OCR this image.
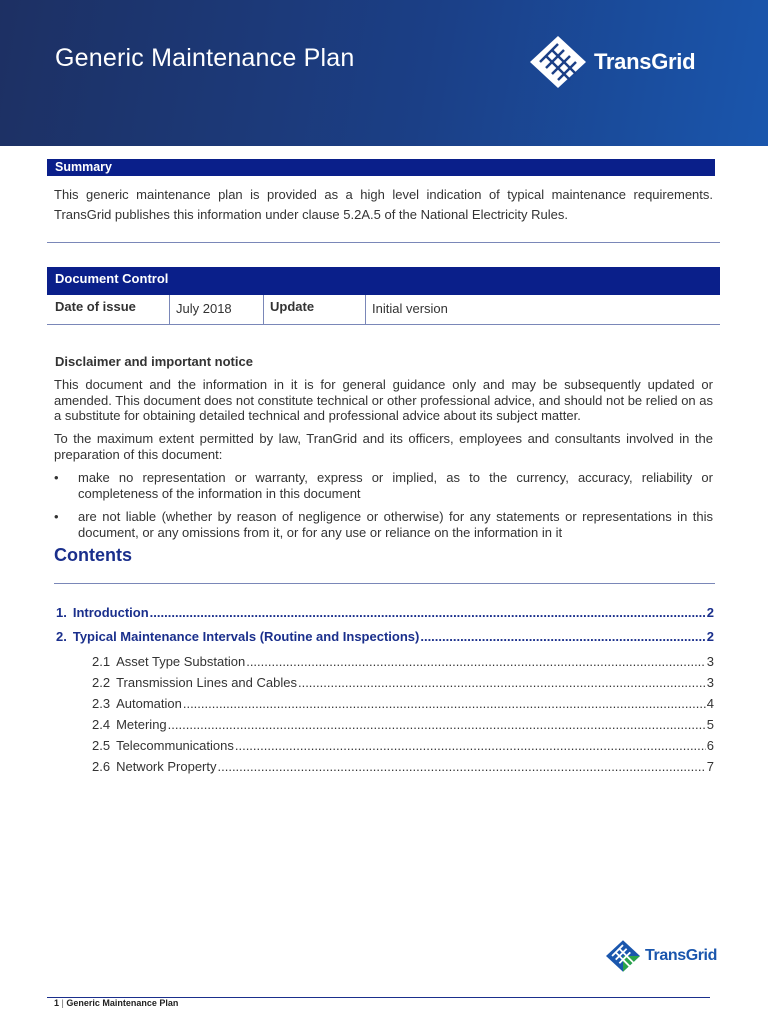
Generic Maintenance Plan	TransGrid
Summary
This generic maintenance plan is provided as a high level indication of typical maintenance requirements. TransGrid publishes this information under clause 5.2A.5 of the National Electricity Rules.
Document Control
Date of issue	July 2018	Update	Initial version
Disclaimer and important notice
This document and the information in it is for general guidance only and may be subsequently updated or amended. This document does not constitute technical or other professional advice, and should not be relied on as a substitute for obtaining detailed technical and professional advice about its subject matter.
To the maximum extent permitted by law, TranGrid and its officers, employees and consultants involved in the preparation of this document:
• make no representation or warranty, express or implied, as to the currency, accuracy, reliability or completeness of the information in this document
• are not liable (whether by reason of negligence or otherwise) for any statements or representations in this document, or any omissions from it, or for any use or reliance on the information in it
Contents
1. Introduction .....	2
2. Typical Maintenance Intervals (Routine and Inspections) .....	2
2.1 Asset Type Substation .....	3
2.2 Transmission Lines and Cables .....	3
2.3 Automation .....	4
2.4 Metering .....	5
2.5 Telecommunications .....	6
2.6 Network Property .....	7
TransGrid
1 | Generic Maintenance Plan
